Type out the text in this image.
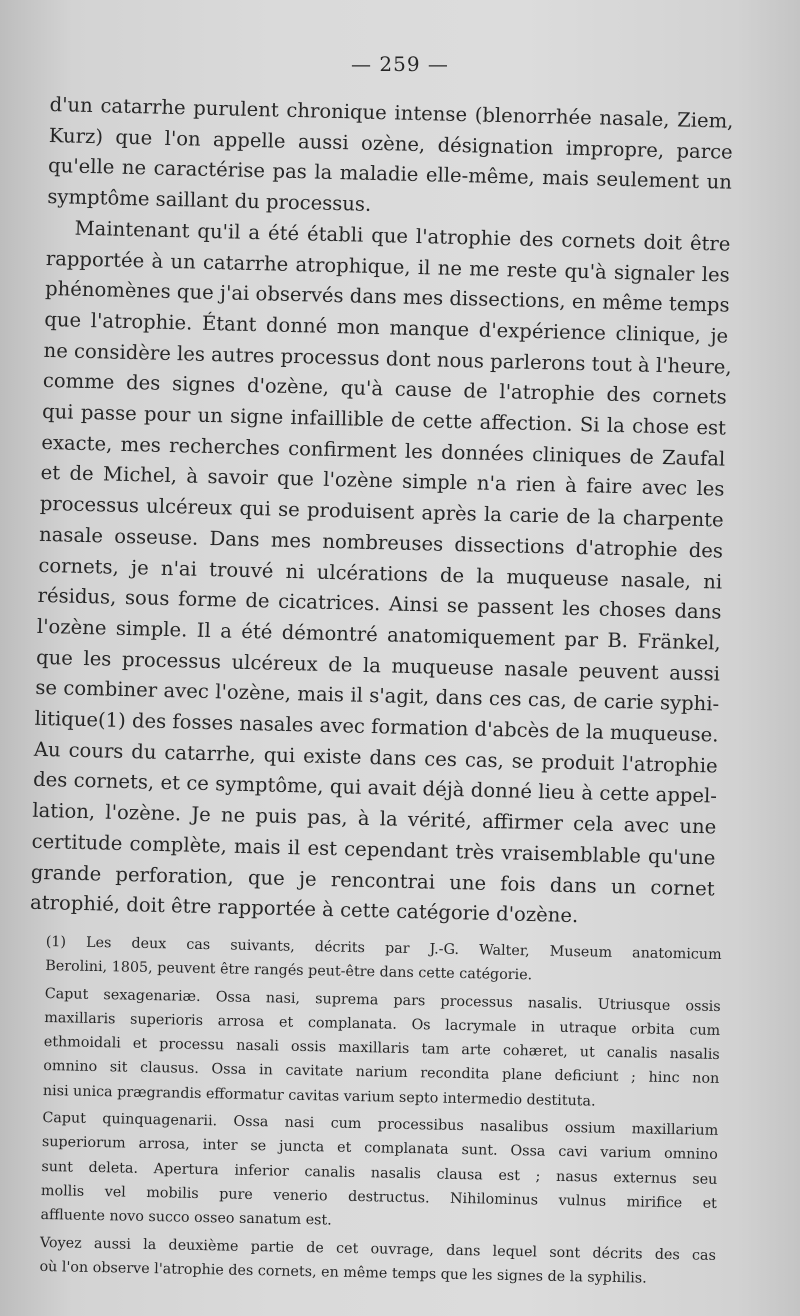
— 259 —

d'un catarrhe purulent chronique intense (blenorrhée nasale, Ziem,
Kurz) que l'on appelle aussi ozène, désignation impropre, parce
qu'elle ne caractérise pas la maladie elle-même, mais seulement un
symptôme saillant du processus.

Maintenant qu'il a été établi que l'atrophie des cornets doit être
rapportée à un catarrhe atrophique, il ne me reste qu'à signaler les
phénomènes que j'ai observés dans mes dissections, en même temps
que l'atrophie. Étant donné mon manque d'expérience clinique, je
ne considère les autres processus dont nous parlerons tout à l'heure,
comme des signes d'ozène, qu'à cause de l'atrophie des cornets
qui passe pour un signe infaillible de cette affection. Si la chose est
exacte, mes recherches confirment les données cliniques de Zaufal
et de Michel, à savoir que l'ozène simple n'a rien à faire avec les
processus ulcéreux qui se produisent après la carie de la charpente
nasale osseuse. Dans mes nombreuses dissections d'atrophie des
cornets, je n'ai trouvé ni ulcérations de la muqueuse nasale, ni
résidus, sous forme de cicatrices. Ainsi se passent les choses dans
l'ozène simple. Il a été démontré anatomiquement par B. Fränkel,
que les processus ulcéreux de la muqueuse nasale peuvent aussi
se combiner avec l'ozène, mais il s'agit, dans ces cas, de carie syphi-
litique(1) des fosses nasales avec formation d'abcès de la muqueuse.
Au cours du catarrhe, qui existe dans ces cas, se produit l'atrophie
des cornets, et ce symptôme, qui avait déjà donné lieu à cette appel-
lation, l'ozène. Je ne puis pas, à la vérité, affirmer cela avec une
certitude complète, mais il est cependant très vraisemblable qu'une
grande perforation, que je rencontrai une fois dans un cornet
atrophié, doit être rapportée à cette catégorie d'ozène.

(1) Les deux cas suivants, décrits par J.-G. Walter, Museum anatomicum
Berolini, 1805, peuvent être rangés peut-être dans cette catégorie.

Caput sexagenariæ. Ossa nasi, suprema pars processus nasalis. Utriusque ossis
maxillaris superioris arrosa et complanata. Os lacrymale in utraque orbita cum
ethmoidali et processu nasali ossis maxillaris tam arte cohæret, ut canalis nasalis
omnino sit clausus. Ossa in cavitate narium recondita plane deficiunt ; hinc non
nisi unica prægrandis efformatur cavitas varium septo intermedio destituta.

Caput quinquagenarii. Ossa nasi cum processibus nasalibus ossium maxillarium
superiorum arrosa, inter se juncta et complanata sunt. Ossa cavi varium omnino
sunt deleta. Apertura inferior canalis nasalis clausa est ; nasus externus seu
mollis vel mobilis pure venerio destructus. Nihilominus vulnus mirifice et
affluente novo succo osseo sanatum est.

Voyez aussi la deuxième partie de cet ouvrage, dans lequel sont décrits des cas
où l'on observe l'atrophie des cornets, en même temps que les signes de la syphilis.
